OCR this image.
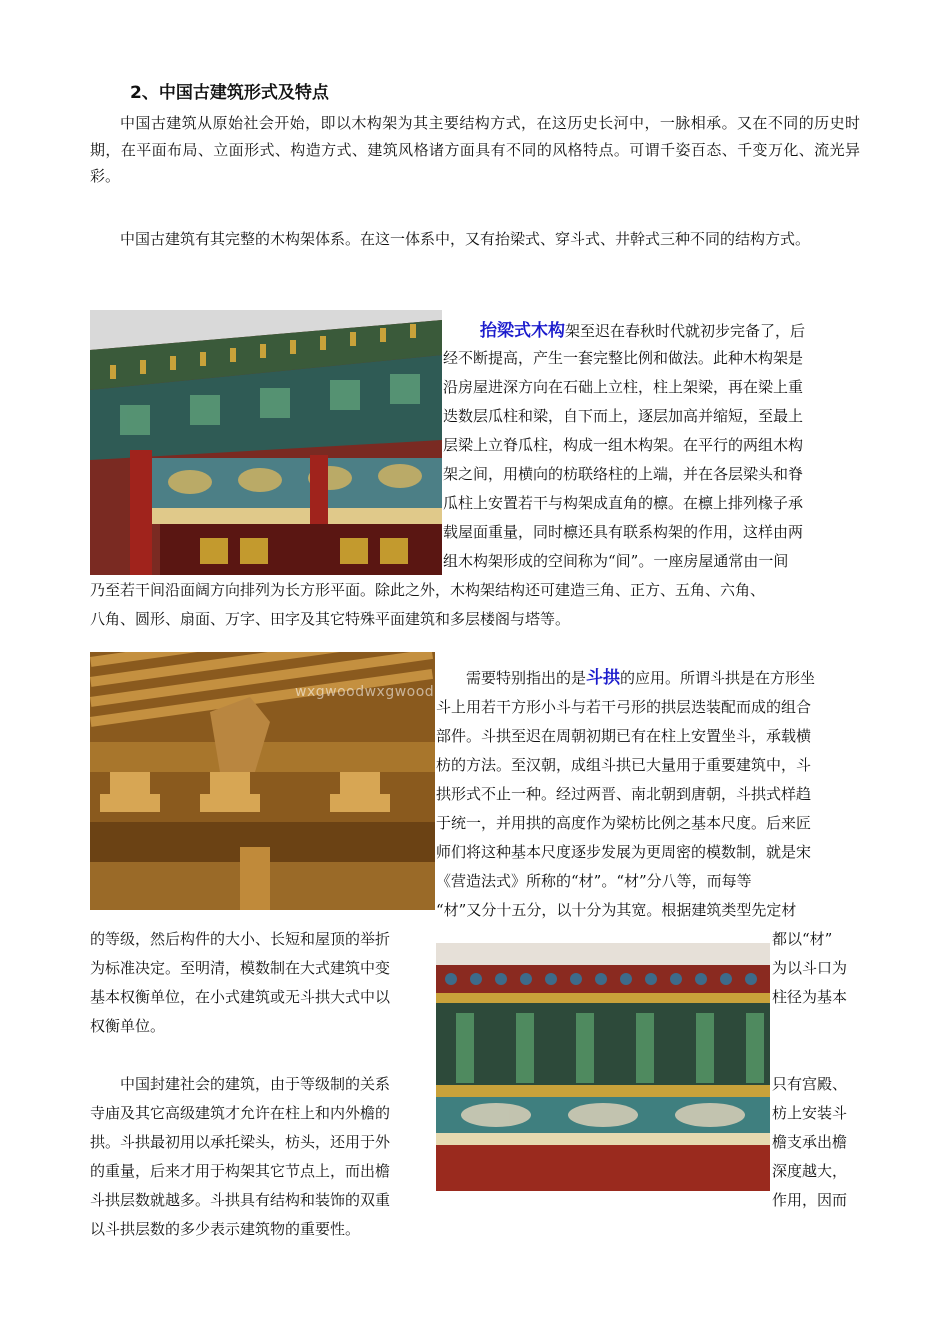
2、中国古建筑形式及特点

中国古建筑从原始社会开始，即以木构架为其主要结构方式，在这历史长河中，一脉相承。又在不同的历史时期，在平面布局、立面形式、构造方式、建筑风格诸方面具有不同的风格特点。可谓千姿百态、千变万化、流光异彩。

中国古建筑有其完整的木构架体系。在这一体系中，又有抬梁式、穿斗式、井幹式三种不同的结构方式。

抬梁式木构架至迟在春秋时代就初步完备了，后
经不断提高，产生一套完整比例和做法。此种木构架是
沿房屋进深方向在石础上立柱，柱上架梁，再在梁上重
迭数层瓜柱和梁，自下而上，逐层加高并缩短，至最上
层梁上立脊瓜柱，构成一组木构架。在平行的两组木构
架之间，用横向的枋联络柱的上端，并在各层梁头和脊
瓜柱上安置若干与构架成直角的檩。在檩上排列椽子承
载屋面重量，同时檩还具有联系构架的作用，这样由两
组木构架形成的空间称为“间”。一座房屋通常由一间
乃至若干间沿面阔方向排列为长方形平面。除此之外，木构架结构还可建造三角、正方、五角、六角、
八角、圆形、扇面、万字、田字及其它特殊平面建筑和多层楼阁与塔等。
wxgwoodwxgwood
需要特别指出的是斗拱的应用。所谓斗拱是在方形坐
斗上用若干方形小斗与若干弓形的拱层迭装配而成的组合
部件。斗拱至迟在周朝初期已有在柱上安置坐斗，承载横
枋的方法。至汉朝，成组斗拱已大量用于重要建筑中，斗
拱形式不止一种。经过两晋、南北朝到唐朝，斗拱式样趋
于统一，并用拱的高度作为梁枋比例之基本尺度。后来匠
师们将这种基本尺度逐步发展为更周密的模数制，就是宋
《营造法式》所称的“材”。“材”分八等，而每等
“材”又分十五分，以十分为其宽。根据建筑类型先定材
的等级，然后构件的大小、长短和屋顶的举折
为标准决定。至明清，模数制在大式建筑中变
基本权衡单位，在小式建筑或无斗拱大式中以
权衡单位。
都以“材”
为以斗口为
柱径为基本
中国封建社会的建筑，由于等级制的关系
寺庙及其它高级建筑才允许在柱上和内外檐的
拱。斗拱最初用以承托梁头，枋头，还用于外
的重量，后来才用于构架其它节点上，而出檐
斗拱层数就越多。斗拱具有结构和装饰的双重
以斗拱层数的多少表示建筑物的重要性。
只有宫殿、
枋上安装斗
檐支承出檐
深度越大，
作用，因而
